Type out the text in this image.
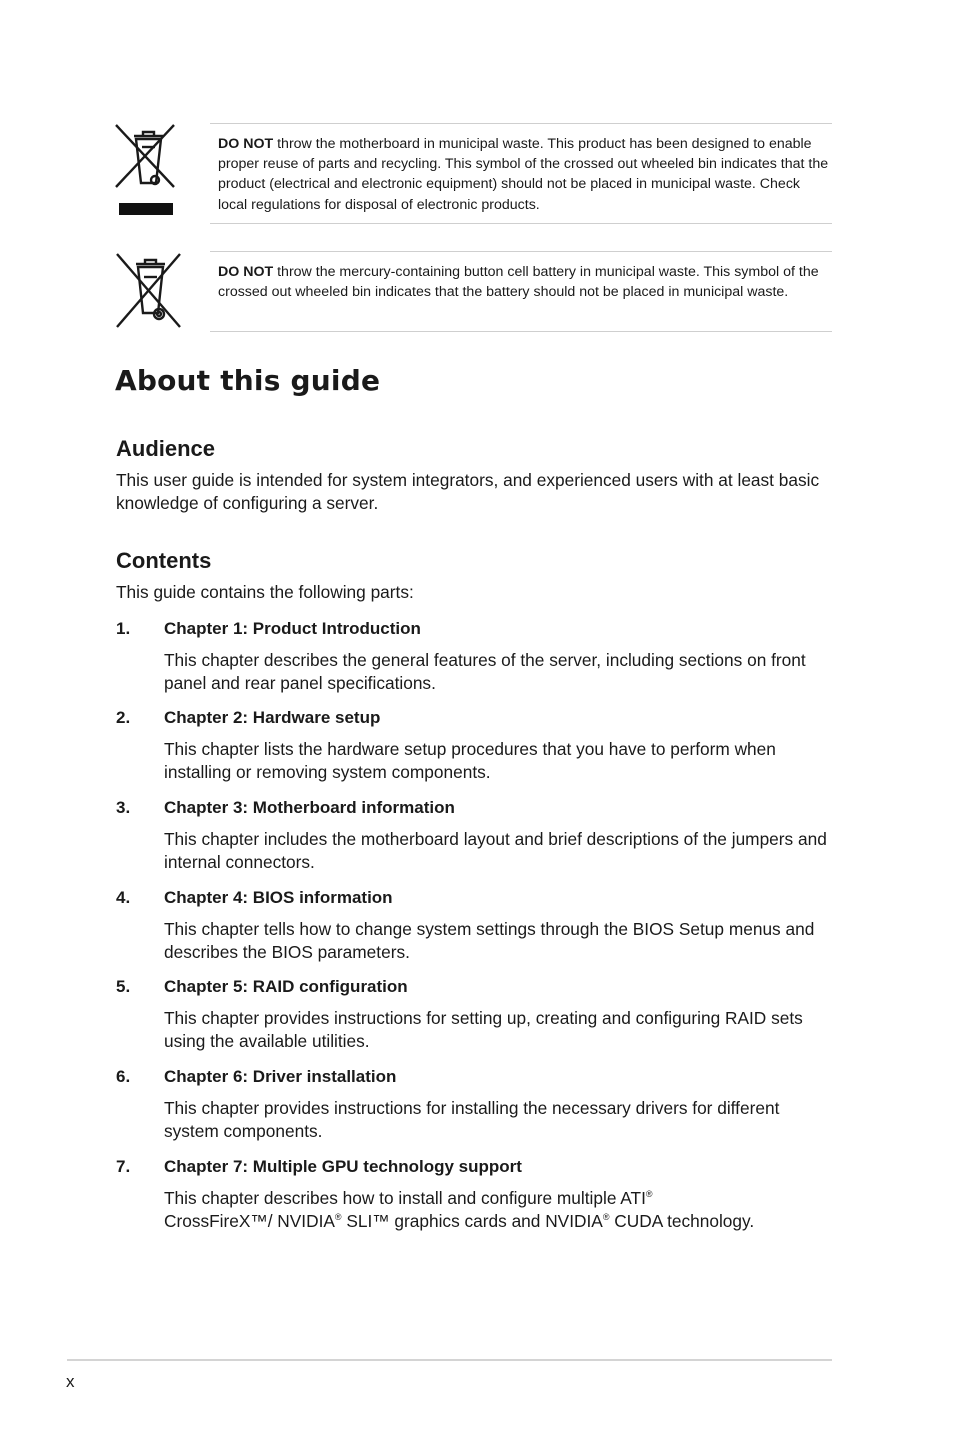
DO NOT throw the motherboard in municipal waste. This product has been designed to enable proper reuse of parts and recycling. This symbol of the crossed out wheeled bin indicates that the product (electrical and electronic equipment) should not be placed in municipal waste. Check local regulations for disposal of electronic products.
DO NOT throw the mercury-containing button cell battery in municipal waste. This symbol of the crossed out wheeled bin indicates that the battery should not be placed in municipal waste.
About this guide
Audience

This user guide is intended for system integrators, and experienced users with at least basic knowledge of configuring a server.

Contents

This guide contains the following parts:

1. Chapter 1: Product Introduction
This chapter describes the general features of the server, including sections on front panel and rear panel specifications.
2. Chapter 2: Hardware setup
This chapter lists the hardware setup procedures that you have to perform when installing or removing system components.
3. Chapter 3: Motherboard information
This chapter includes the motherboard layout and brief descriptions of the jumpers and internal connectors.
4. Chapter 4: BIOS information
This chapter tells how to change system settings through the BIOS Setup menus and describes the BIOS parameters.
5. Chapter 5: RAID configuration
This chapter provides instructions for setting up, creating and configuring RAID sets using the available utilities.
6. Chapter 6: Driver installation
This chapter provides instructions for installing the necessary drivers for different system components.
7. Chapter 7: Multiple GPU technology support
This chapter describes how to install and configure multiple ATI®
CrossFireX™/ NVIDIA® SLI™ graphics cards and NVIDIA® CUDA technology.
x
